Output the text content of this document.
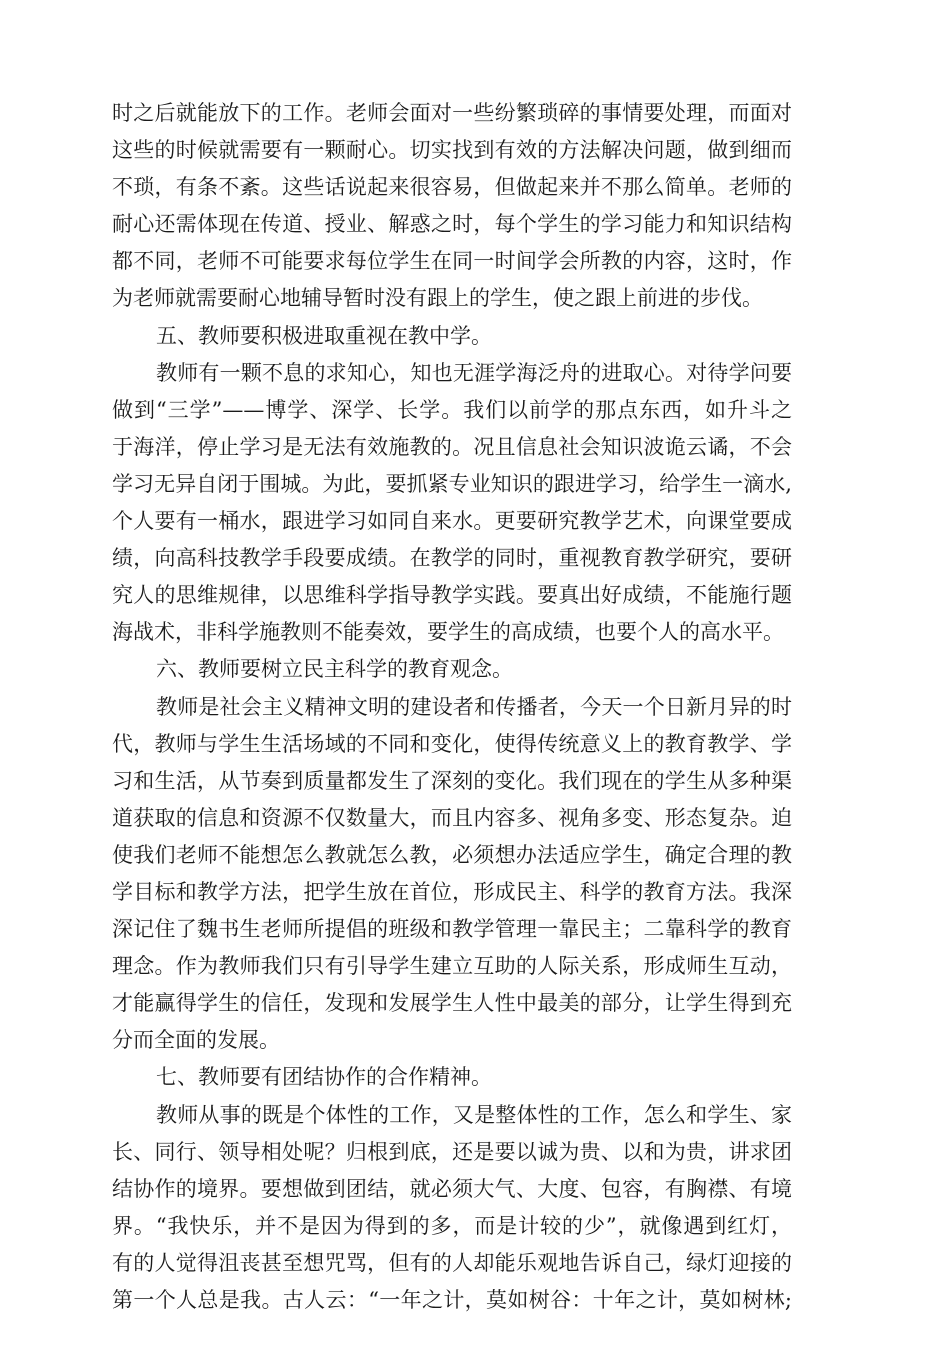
时之后就能放下的工作。老师会面对一些纷繁琐碎的事情要处理，而面对
这些的时候就需要有一颗耐心。切实找到有效的方法解决问题，做到细而
不琐，有条不紊。这些话说起来很容易，但做起来并不那么简单。老师的
耐心还需体现在传道、授业、解惑之时，每个学生的学习能力和知识结构
都不同，老师不可能要求每位学生在同一时间学会所教的内容，这时，作
为老师就需要耐心地辅导暂时没有跟上的学生，使之跟上前进的步伐。
五、教师要积极进取重视在教中学。
教师有一颗不息的求知心，知也无涯学海泛舟的进取心。对待学问要
做到“三学”——博学、深学、长学。我们以前学的那点东西，如升斗之
于海洋，停止学习是无法有效施教的。况且信息社会知识波诡云谲，不会
学习无异自闭于围城。为此，要抓紧专业知识的跟进学习，给学生一滴水,
个人要有一桶水，跟进学习如同自来水。更要研究教学艺术，向课堂要成
绩，向高科技教学手段要成绩。在教学的同时，重视教育教学研究，要研
究人的思维规律，以思维科学指导教学实践。要真出好成绩，不能施行题
海战术，非科学施教则不能奏效，要学生的高成绩，也要个人的高水平。
六、教师要树立民主科学的教育观念。
教师是社会主义精神文明的建设者和传播者，今天一个日新月异的时
代，教师与学生生活场域的不同和变化，使得传统意义上的教育教学、学
习和生活，从节奏到质量都发生了深刻的变化。我们现在的学生从多种渠
道获取的信息和资源不仅数量大，而且内容多、视角多变、形态复杂。迫
使我们老师不能想怎么教就怎么教，必须想办法适应学生，确定合理的教
学目标和教学方法，把学生放在首位，形成民主、科学的教育方法。我深
深记住了魏书生老师所提倡的班级和教学管理一靠民主；二靠科学的教育
理念。作为教师我们只有引导学生建立互助的人际关系，形成师生互动，
才能赢得学生的信任，发现和发展学生人性中最美的部分，让学生得到充
分而全面的发展。
七、教师要有团结协作的合作精神。
教师从事的既是个体性的工作，又是整体性的工作，怎么和学生、家
长、同行、领导相处呢？归根到底，还是要以诚为贵、以和为贵，讲求团
结协作的境界。要想做到团结，就必须大气、大度、包容，有胸襟、有境
界。“我快乐，并不是因为得到的多，而是计较的少”，就像遇到红灯，
有的人觉得沮丧甚至想咒骂，但有的人却能乐观地告诉自己，绿灯迎接的
第一个人总是我。古人云：“一年之计，莫如树谷：十年之计，莫如树林;
